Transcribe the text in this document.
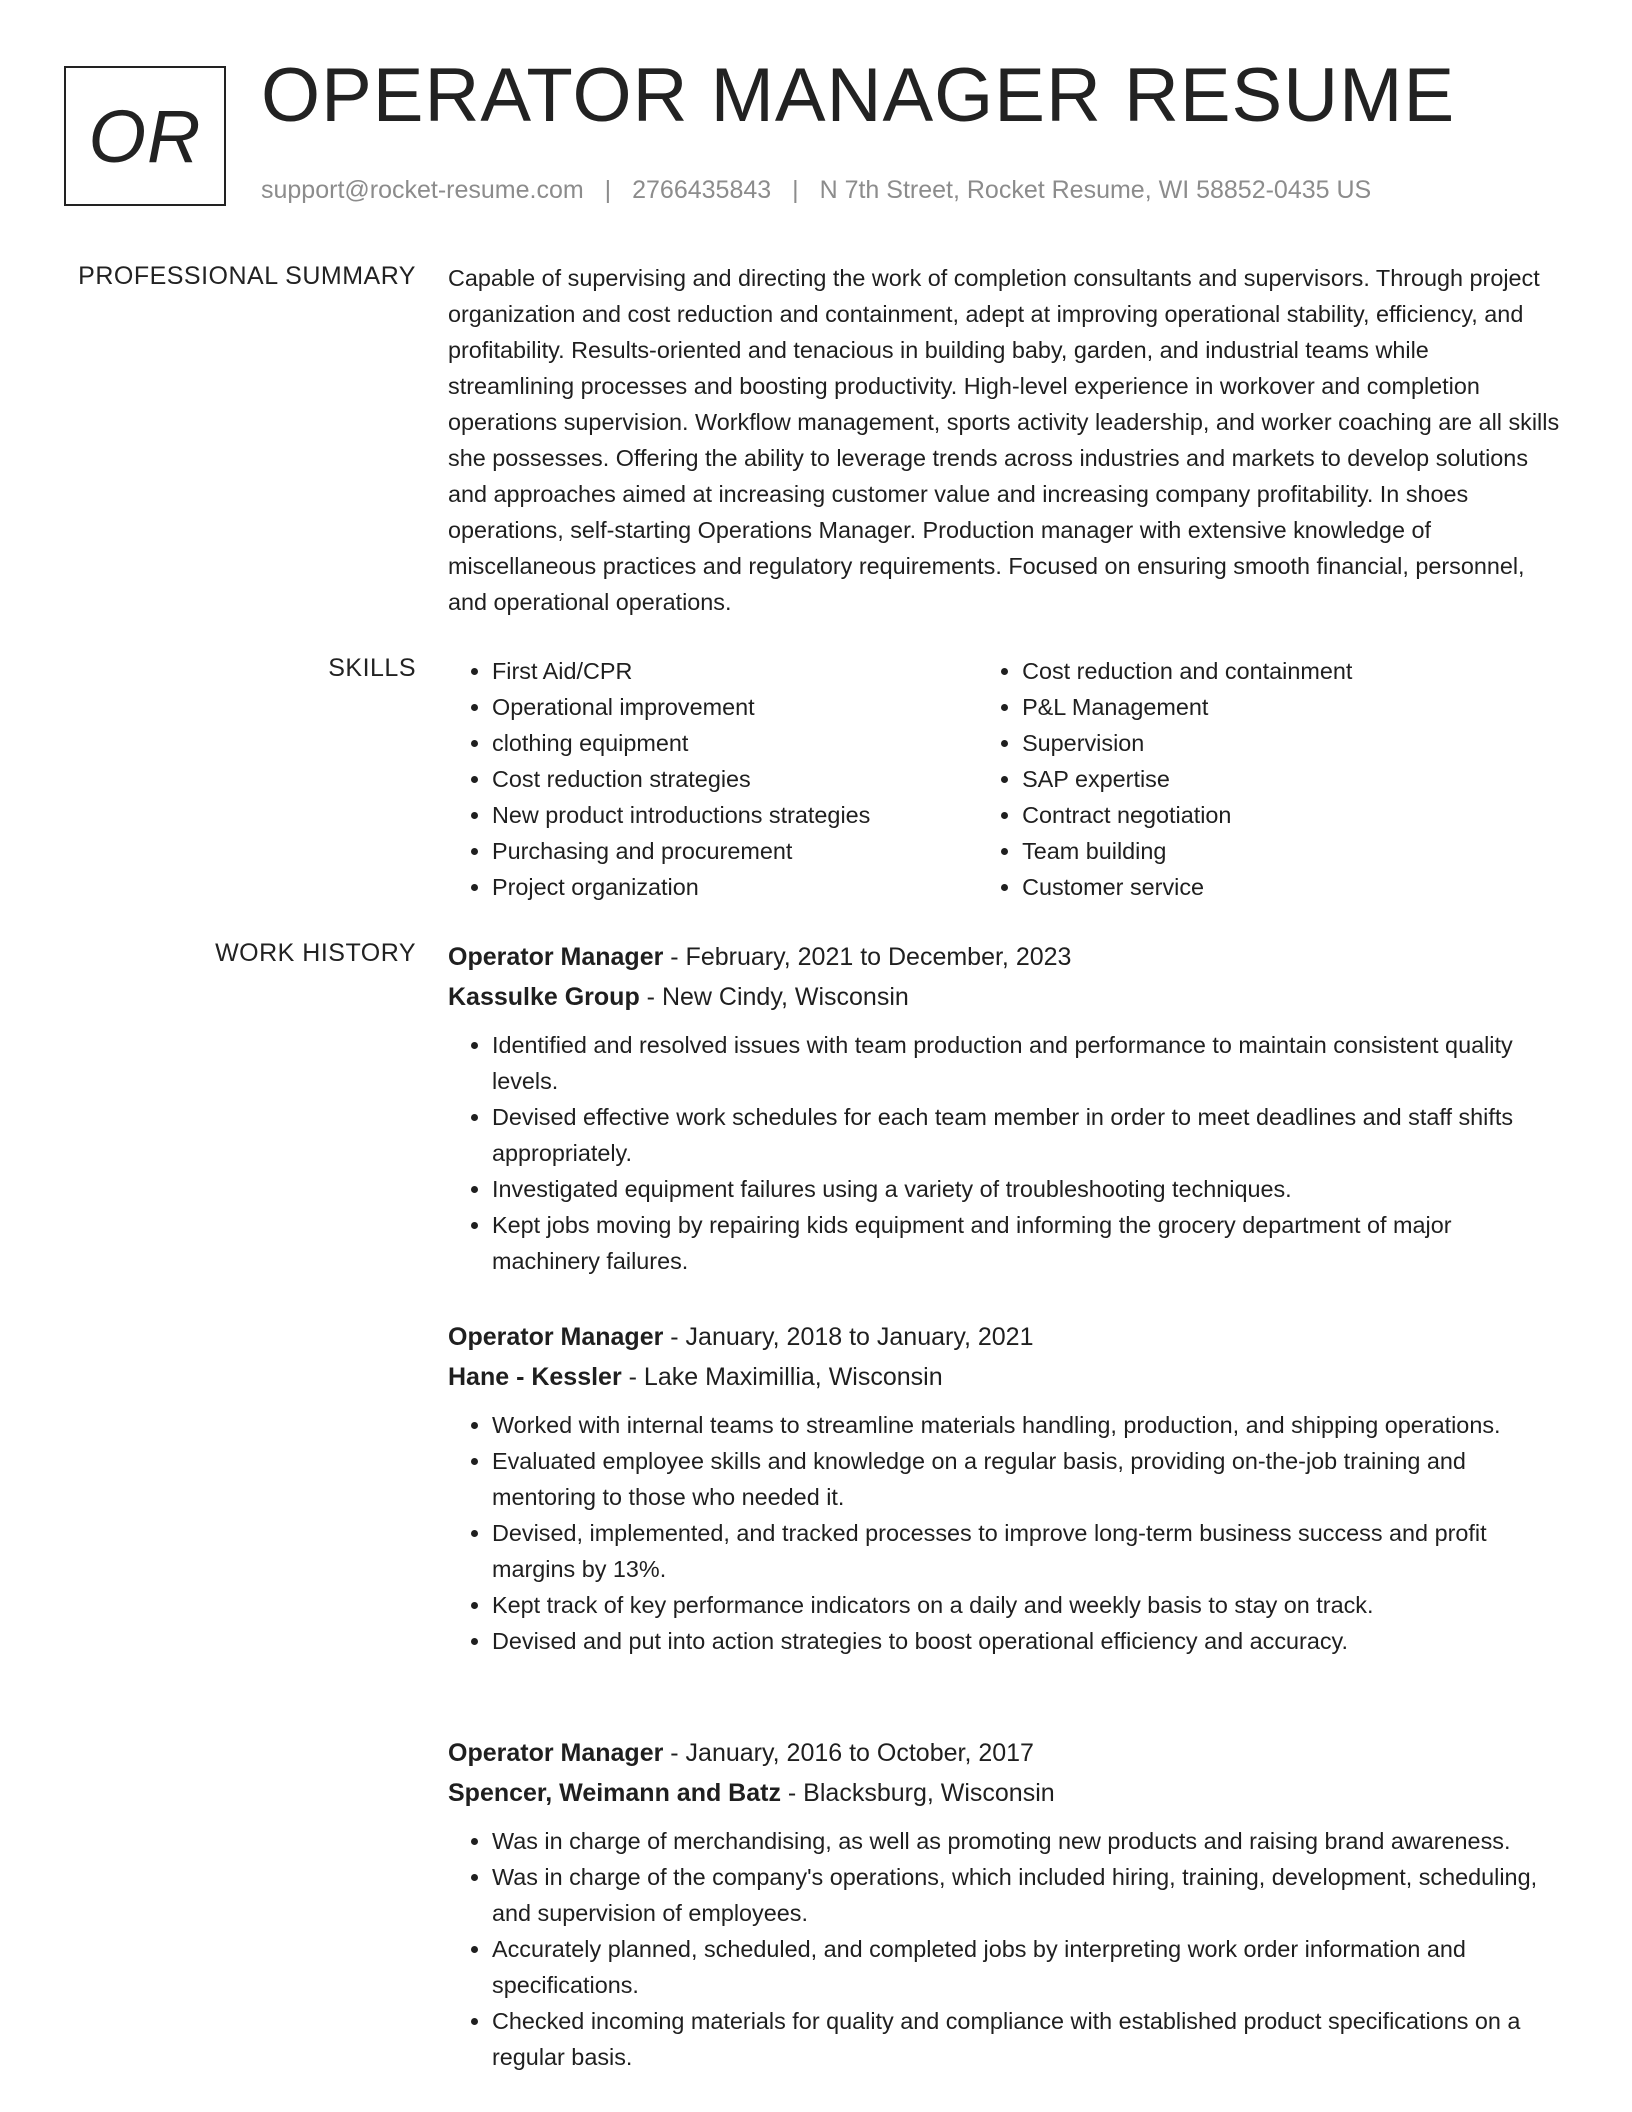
OR OPERATOR MANAGER RESUME
support@rocket-resume.com | 2766435843 | N 7th Street, Rocket Resume, WI 58852-0435 US
PROFESSIONAL SUMMARY Capable of supervising and directing the work of completion consultants and supervisors. Through project organization and cost reduction and containment, adept at improving operational stability, efficiency, and profitability. Results-oriented and tenacious in building baby, garden, and industrial teams while streamlining processes and boosting productivity. High-level experience in workover and completion operations supervision. Workflow management, sports activity leadership, and worker coaching are all skills she possesses. Offering the ability to leverage trends across industries and markets to develop solutions and approaches aimed at increasing customer value and increasing company profitability. In shoes operations, self-starting Operations Manager. Production manager with extensive knowledge of miscellaneous practices and regulatory requirements. Focused on ensuring smooth financial, personnel, and operational operations.

SKILLS
•	First Aid/CPR
• Operational improvement
• clothing equipment
• Cost reduction strategies
• New product introductions strategies
• Purchasing and procurement
• Project organization
• Cost reduction and containment
• P&L Management
• Supervision
• SAP expertise
• Contract negotiation
• Team building
• Customer service
WORK HISTORY Operator Manager - February, 2021 to December, 2023
Kassulke Group - New Cindy, Wisconsin
• Identified and resolved issues with team production and performance to maintain consistent quality levels.
• Devised effective work schedules for each team member in order to meet deadlines and staff shifts appropriately.
• Investigated equipment failures using a variety of troubleshooting techniques.
• Kept jobs moving by repairing kids equipment and informing the grocery department of major machinery failures.
Operator Manager - January, 2018 to January, 2021
Hane - Kessler - Lake Maximillia, Wisconsin
• Worked with internal teams to streamline materials handling, production, and shipping operations.
• Evaluated employee skills and knowledge on a regular basis, providing on-the-job training and mentoring to those who needed it.
• Devised, implemented, and tracked processes to improve long-term business success and profit margins by 13%.
• Kept track of key performance indicators on a daily and weekly basis to stay on track.
• Devised and put into action strategies to boost operational efficiency and accuracy.
Operator Manager - January, 2016 to October, 2017
Spencer, Weimann and Batz - Blacksburg, Wisconsin
• Was in charge of merchandising, as well as promoting new products and raising brand awareness.
• Was in charge of the company's operations, which included hiring, training, development, scheduling, and supervision of employees.
• Accurately planned, scheduled, and completed jobs by interpreting work order information and specifications.
• Checked incoming materials for quality and compliance with established product specifications on a regular basis.
